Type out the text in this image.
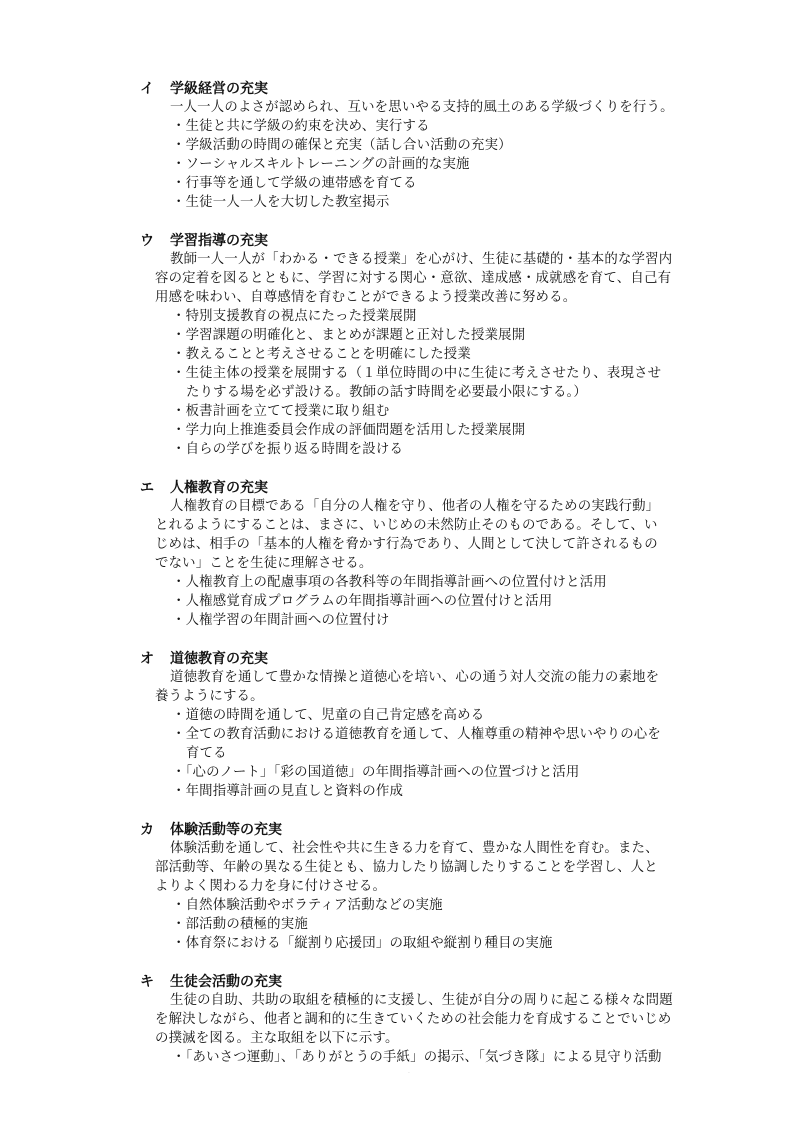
イ 学級経営の充実
一人一人のよさが認められ、互いを思いやる支持的風土のある学級づくりを行う。
・生徒と共に学級の約束を決め、実行する
・学級活動の時間の確保と充実（話し合い活動の充実）
・ソーシャルスキルトレーニングの計画的な実施
・行事等を通して学級の連帯感を育てる
・生徒一人一人を大切した教室掲示
ウ 学習指導の充実
教師一人一人が「わかる・できる授業」を心がけ、生徒に基礎的・基本的な学習内
容の定着を図るとともに、学習に対する関心・意欲、達成感・成就感を育て、自己有
用感を味わい、自尊感情を育むことができるよう授業改善に努める。
・特別支援教育の視点にたった授業展開
・学習課題の明確化と、まとめが課題と正対した授業展開
・教えることと考えさせることを明確にした授業
・生徒主体の授業を展開する（１単位時間の中に生徒に考えさせたり、表現させ
たりする場を必ず設ける。教師の話す時間を必要最小限にする。）
・板書計画を立てて授業に取り組む
・学力向上推進委員会作成の評価問題を活用した授業展開
・自らの学びを振り返る時間を設ける
エ 人権教育の充実
人権教育の目標である「自分の人権を守り、他者の人権を守るための実践行動」
とれるようにすることは、まさに、いじめの未然防止そのものである。そして、い
じめは、相手の「基本的人権を脅かす行為であり、人間として決して許されるもの
でない」ことを生徒に理解させる。
・人権教育上の配慮事項の各教科等の年間指導計画への位置付けと活用
・人権感覚育成プログラムの年間指導計画への位置付けと活用
・人権学習の年間計画への位置付け
オ 道徳教育の充実
道徳教育を通して豊かな情操と道徳心を培い、心の通う対人交流の能力の素地を
養うようにする。
・道徳の時間を通して、児童の自己肯定感を高める
・全ての教育活動における道徳教育を通して、人権尊重の精神や思いやりの心を
育てる
・「心のノート」「彩の国道徳」の年間指導計画への位置づけと活用
・年間指導計画の見直しと資料の作成
カ 体験活動等の充実
体験活動を通して、社会性や共に生きる力を育て、豊かな人間性を育む。また、
部活動等、年齢の異なる生徒とも、協力したり協調したりすることを学習し、人と
よりよく関わる力を身に付けさせる。
・自然体験活動やボラティア活動などの実施
・部活動の積極的実施
・体育祭における「縦割り応援団」の取組や縦割り種目の実施
キ 生徒会活動の充実
生徒の自助、共助の取組を積極的に支援し、生徒が自分の周りに起こる様々な問題
を解決しながら、他者と調和的に生きていくための社会能力を育成することでいじめ
の撲滅を図る。主な取組を以下に示す。
・「あいさつ運動」、「ありがとうの手紙」の掲示、「気づき隊」による見守り活動
.
